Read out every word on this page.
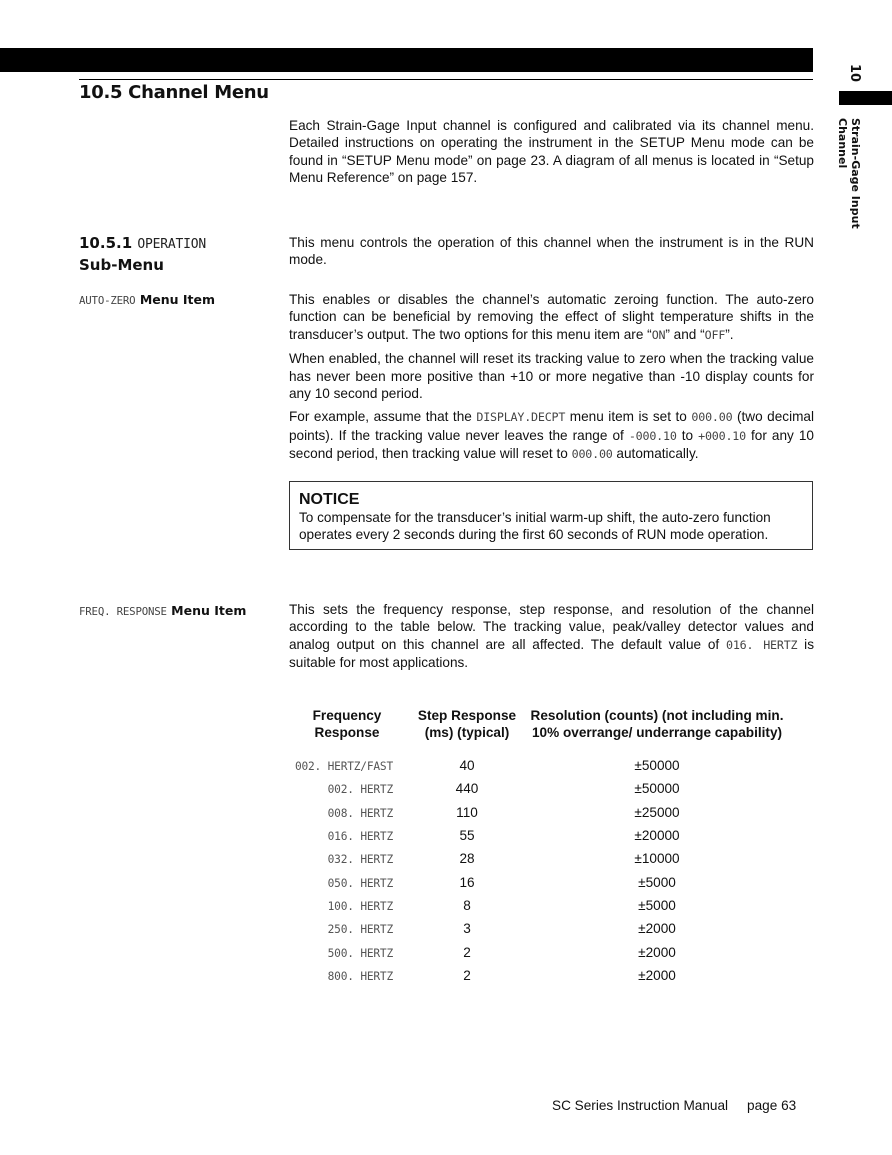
10
Strain-Gage Input Channel
10.5 Channel Menu

Each Strain-Gage Input channel is configured and calibrated via its channel menu. Detailed instructions on operating the instrument in the SETUP Menu mode can be found in “SETUP Menu mode” on page 23. A diagram of all menus is located in “Setup Menu Reference” on page 157.

10.5.1 OPERATION
Sub-Menu

This menu controls the operation of this channel when the instrument is in the RUN mode.

AUTO-ZERO Menu Item	This enables or disables the channel’s automatic zeroing function. The auto-zero function can be beneficial by removing the effect of slight temperature shifts in the transducer’s output. The two options for this menu item are “ON” and “OFF”.

When enabled, the channel will reset its tracking value to zero when the tracking value has never been more positive than +10 or more negative than -10 display counts for any 10 second period.

For example, assume that the DISPLAY.DECPT menu item is set to 000.00 (two decimal points). If the tracking value never leaves the range of -000.10 to +000.10 for any 10 second period, then tracking value will reset to 000.00 automatically.

NOTICE
To compensate for the transducer’s initial warm-up shift, the auto-zero function operates every 2 seconds during the first 60 seconds of RUN mode operation.
FREQ. RESPONSE Menu Item	This sets the frequency response, step response, and resolution of the channel according to the table below. The tracking value, peak/valley detector values and analog output on this channel are all affected. The default value of 016. HERTZ is suitable for most applications.

Frequency Response	Step Response (ms) (typical)	Resolution (counts) (not including min. 10% overrange/ underrange capability)
002. HERTZ/FAST	40	±50000
002. HERTZ	440	±50000
008. HERTZ	110	±25000
016. HERTZ	55	±20000
032. HERTZ	28	±10000
050. HERTZ	16	±5000
100. HERTZ	8	±5000
250. HERTZ	3	±2000
500. HERTZ	2	±2000
800. HERTZ	2	±2000
SC Series Instruction Manual page 63
